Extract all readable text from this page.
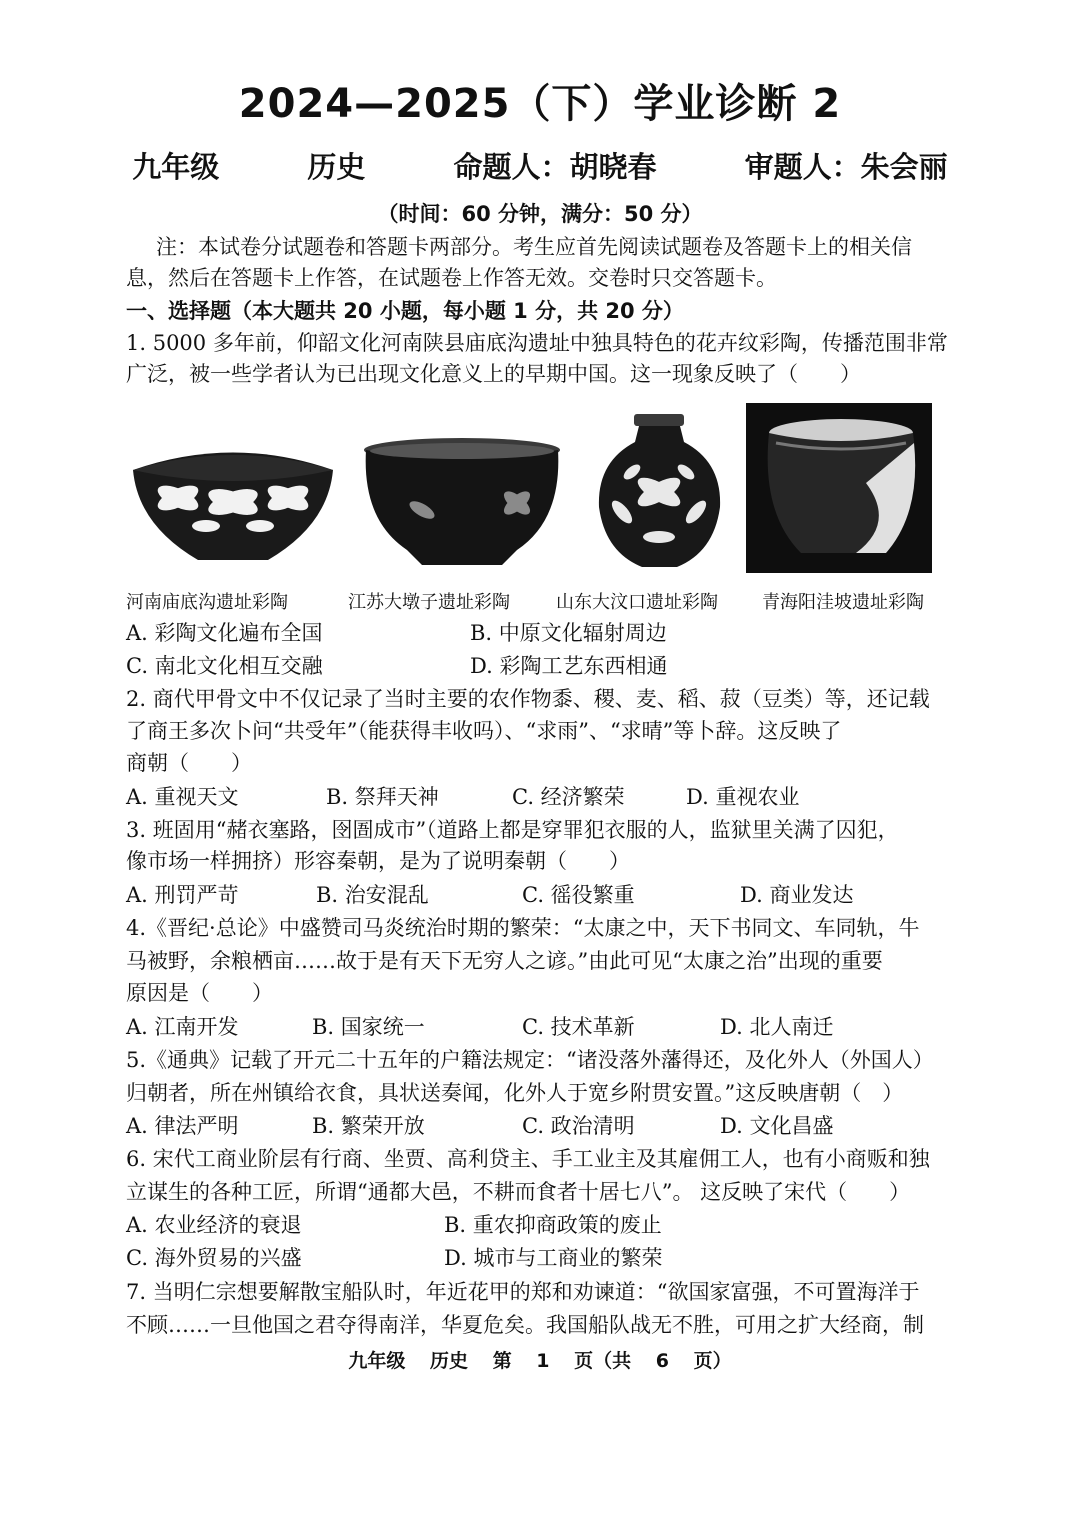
2024—2025（下）学业诊断 2
九年级	历史	命题人：胡晓春	审题人：朱会丽
（时间：60 分钟，满分：50 分）
注：本试卷分试题卷和答题卡两部分。考生应首先阅读试题卷及答题卡上的相关信
息，然后在答题卡上作答，在试题卷上作答无效。交卷时只交答题卡。
一、选择题（本大题共 20 小题，每小题 1 分，共 20 分）
1. 5000 多年前，仰韶文化河南陕县庙底沟遗址中独具特色的花卉纹彩陶，传播范围非常
广泛，被一些学者认为已出现文化意义上的早期中国。这一现象反映了（　　）
河南庙底沟遗址彩陶	江苏大墩子遗址彩陶	山东大汶口遗址彩陶 青海阳洼坡遗址彩陶
A. 彩陶文化遍布全国	B. 中原文化辐射周边
C. 南北文化相互交融	D. 彩陶工艺东西相通
2. 商代甲骨文中不仅记录了当时主要的农作物黍、稷、麦、稻、菽（豆类）等，还记载
了商王多次卜问“共受年”（能获得丰收吗）、“求雨”、“求晴”等卜辞。这反映了
商朝（　　）
A. 重视天文	B. 祭拜天神	C. 经济繁荣	D. 重视农业
3. 班固用“赭衣塞路，囹圄成市”（道路上都是穿罪犯衣服的人，监狱里关满了囚犯，
像市场一样拥挤）形容秦朝，是为了说明秦朝（　　）
A. 刑罚严苛	B. 治安混乱	C. 徭役繁重	D. 商业发达
4.《晋纪·总论》中盛赞司马炎统治时期的繁荣：“太康之中，天下书同文、车同轨，牛
马被野，余粮栖亩……故于是有天下无穷人之谚。”由此可见“太康之治”出现的重要
原因是（　　）
A. 江南开发	B. 国家统一	C. 技术革新	D. 北人南迁
5.《通典》记载了开元二十五年的户籍法规定：“诸没落外藩得还，及化外人（外国人）
归朝者，所在州镇给衣食，具状送奏闻，化外人于宽乡附贯安置。”这反映唐朝（　）
A. 律法严明	B. 繁荣开放	C. 政治清明	D. 文化昌盛
6. 宋代工商业阶层有行商、坐贾、高利贷主、手工业主及其雇佣工人，也有小商贩和独
立谋生的各种工匠，所谓“通都大邑，不耕而食者十居七八”。 这反映了宋代（　　）
A. 农业经济的衰退	B. 重农抑商政策的废止
C. 海外贸易的兴盛	D. 城市与工商业的繁荣
7. 当明仁宗想要解散宝船队时，年近花甲的郑和劝谏道：“欲国家富强，不可置海洋于
不顾……一旦他国之君夺得南洋，华夏危矣。我国船队战无不胜，可用之扩大经商，制
九年级 历史 第 1 页（共 6 页）
